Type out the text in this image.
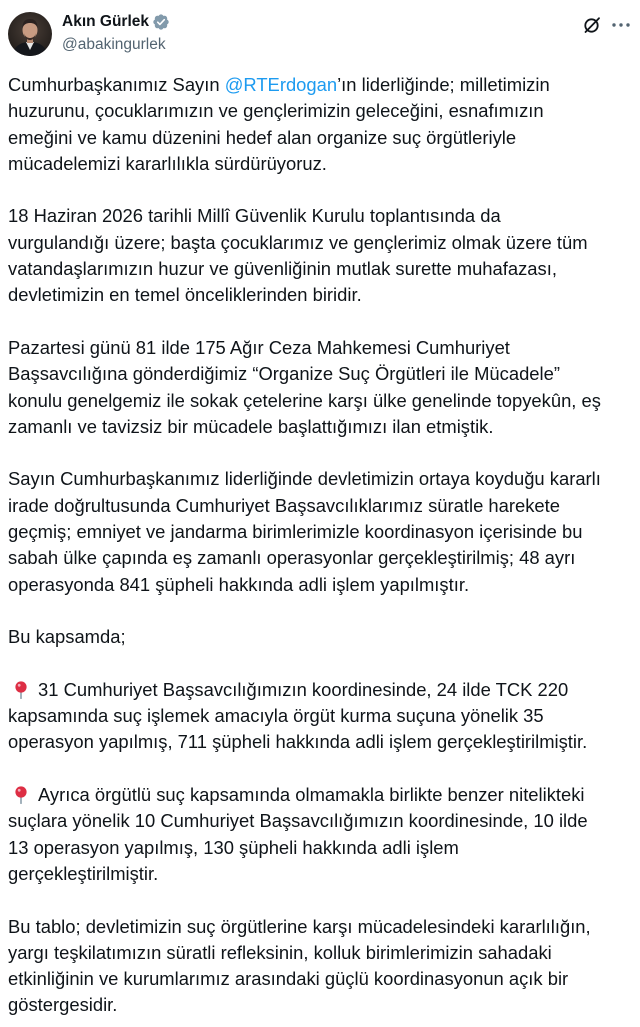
Akın Gürlek
@abakingurlek
Cumhurbaşkanımız Sayın @RTErdogan’ın liderliğinde; milletimizin
huzurunu, çocuklarımızın ve gençlerimizin geleceğini, esnafımızın
emeğini ve kamu düzenini hedef alan organize suç örgütleriyle
mücadelemizi kararlılıkla sürdürüyoruz.
18 Haziran 2026 tarihli Millî Güvenlik Kurulu toplantısında da
vurgulandığı üzere; başta çocuklarımız ve gençlerimiz olmak üzere tüm
vatandaşlarımızın huzur ve güvenliğinin mutlak surette muhafazası,
devletimizin en temel önceliklerinden biridir.
Pazartesi günü 81 ilde 175 Ağır Ceza Mahkemesi Cumhuriyet
Başsavcılığına gönderdiğimiz “Organize Suç Örgütleri ile Mücadele”
konulu genelgemiz ile sokak çetelerine karşı ülke genelinde topyekûn, eş
zamanlı ve tavizsiz bir mücadele başlattığımızı ilan etmiştik.
Sayın Cumhurbaşkanımız liderliğinde devletimizin ortaya koyduğu kararlı
irade doğrultusunda Cumhuriyet Başsavcılıklarımız süratle harekete
geçmiş; emniyet ve jandarma birimlerimizle koordinasyon içerisinde bu
sabah ülke çapında eş zamanlı operasyonlar gerçekleştirilmiş; 48 ayrı
operasyonda 841 şüpheli hakkında adli işlem yapılmıştır.
Bu kapsamda;
31 Cumhuriyet Başsavcılığımızın koordinesinde, 24 ilde TCK 220
kapsamında suç işlemek amacıyla örgüt kurma suçuna yönelik 35
operasyon yapılmış, 711 şüpheli hakkında adli işlem gerçekleştirilmiştir.
Ayrıca örgütlü suç kapsamında olmamakla birlikte benzer nitelikteki
suçlara yönelik 10 Cumhuriyet Başsavcılığımızın koordinesinde, 10 ilde
13 operasyon yapılmış, 130 şüpheli hakkında adli işlem
gerçekleştirilmiştir.
Bu tablo; devletimizin suç örgütlerine karşı mücadelesindeki kararlılığın,
yargı teşkilatımızın süratli refleksinin, kolluk birimlerimizin sahadaki
etkinliğinin ve kurumlarımız arasındaki güçlü koordinasyonun açık bir
göstergesidir.
